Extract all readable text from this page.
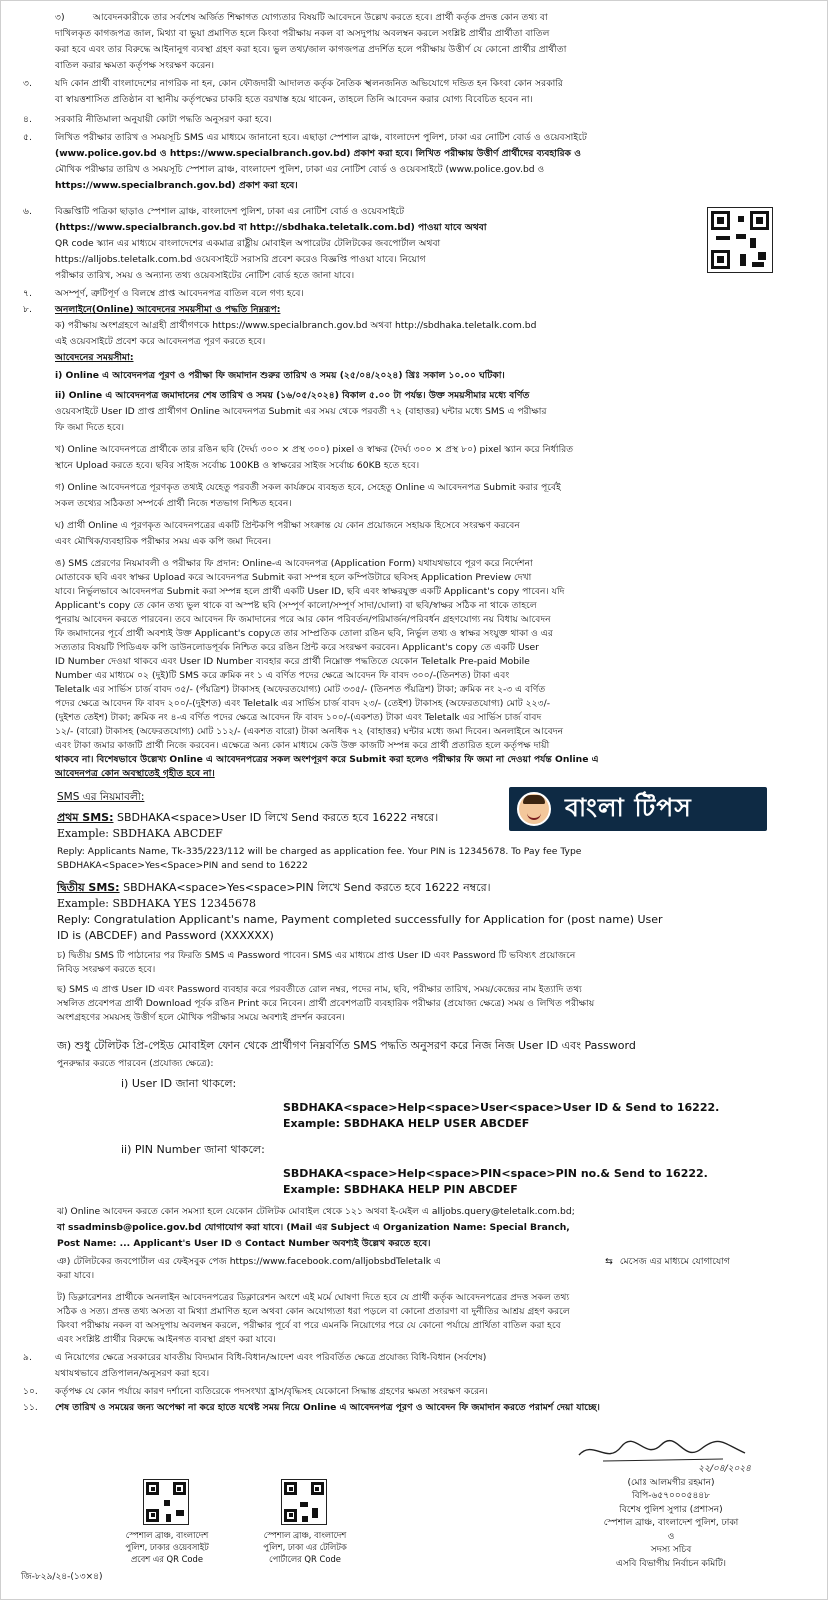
৩)	আবেদনকারীকে তার সর্বশেষ অর্জিত শিক্ষাগত যোগ্যতার বিষয়টি আবেদনে উল্লেখ করতে হবে। প্রার্থী কর্তৃক প্রদত্ত কোন তথ্য বা
দাখিলকৃত কাগজপত্র জাল, মিথ্যা বা ভুয়া প্রমাণিত হলে কিংবা পরীক্ষায় নকল বা অসদুপায় অবলম্বন করলে সংশ্লিষ্ট প্রার্থীর প্রার্থীতা বাতিল
করা হবে এবং তার বিরুদ্ধে আইনানুগ ব্যবস্থা গ্রহণ করা হবে। ভুল তথ্য/জাল কাগজপত্র প্রদর্শিত হলে পরীক্ষায় উত্তীর্ণ যে কোনো প্রার্থীর প্রার্থীতা
বাতিল করার ক্ষমতা কর্তৃপক্ষ সংরক্ষণ করেন।
৩.	যদি কোন প্রার্থী বাংলাদেশের নাগরিক না হন, কোন ফৌজদারী আদালত কর্তৃক নৈতিক স্খলনজনিত অভিযোগে দন্ডিত হন কিংবা কোন সরকারি
বা স্বায়ত্তশাসিত প্রতিষ্ঠান বা স্থানীয় কর্তৃপক্ষের চাকরি হতে বরখাস্ত হয়ে থাকেন, তাহলে তিনি আবেদন করার যোগ্য বিবেচিত হবেন না।
৪.	সরকারি নীতিমালা অনুযায়ী কোটা পদ্ধতি অনুসরণ করা হবে।
৫.	লিখিত পরীক্ষার তারিখ ও সময়সূচি SMS এর মাধ্যমে জানানো হবে। এছাড়া স্পেশাল ব্রাঞ্চ, বাংলাদেশ পুলিশ, ঢাকা এর নোটিশ বোর্ড ও ওয়েবসাইটে
(www.police.gov.bd ও https://www.specialbranch.gov.bd) প্রকাশ করা হবে। লিখিত পরীক্ষায় উত্তীর্ণ প্রার্থীদের ব্যবহারিক ও
মৌখিক পরীক্ষার তারিখ ও সময়সূচি স্পেশাল ব্রাঞ্চ, বাংলাদেশ পুলিশ, ঢাকা এর নোটিশ বোর্ড ও ওয়েবসাইটে (www.police.gov.bd ও
https://www.specialbranch.gov.bd) প্রকাশ করা হবে।
৬.	বিজ্ঞপ্তিটি পত্রিকা ছাড়াও স্পেশাল ব্রাঞ্চ, বাংলাদেশ পুলিশ, ঢাকা এর নোটিশ বোর্ড ও ওয়েবসাইটে
(https://www.specialbranch.gov.bd বা http://sbdhaka.teletalk.com.bd) পাওয়া যাবে অথবা
QR code স্ক্যান এর মাধ্যমে বাংলাদেশের একমাত্র রাষ্ট্রীয় মোবাইল অপারেটর টেলিটকের জবপোর্টাল অথবা
https://alljobs.teletalk.com.bd ওয়েবসাইটে সরাসরি প্রবেশ করেও বিজ্ঞপ্তি পাওয়া যাবে। নিয়োগ
পরীক্ষার তারিখ, সময় ও অন্যান্য তথ্য ওয়েবসাইটের নোটিশ বোর্ড হতে জানা যাবে।
৭.	অসম্পূর্ণ, ত্রুটিপূর্ণ ও বিলম্বে প্রাপ্ত আবেদনপত্র বাতিল বলে গণ্য হবে।
৮.	অনলাইনে(Online) আবেদনের সময়সীমা ও পদ্ধতি নিম্নরূপ:
ক) পরীক্ষায় অংশগ্রহণে আগ্রহী প্রার্থীগণকে https://www.specialbranch.gov.bd অথবা http://sbdhaka.teletalk.com.bd
এই ওয়েবসাইটে প্রবেশ করে আবেদনপত্র পূরণ করতে হবে।
আবেদনের সময়সীমা:
i) Online এ আবেদনপত্র পূরণ ও পরীক্ষা ফি জমাদান শুরুর তারিখ ও সময় (২৫/০৪/২০২৪) খ্রিঃ সকাল ১০.০০ ঘটিকা।
ii) Online এ আবেদনপত্র জমাদানের শেষ তারিখ ও সময় (১৬/০৫/২০২৪) বিকাল ৫.০০ টা পর্যন্ত। উক্ত সময়সীমার মধ্যে বর্ণিত
ওয়েবসাইটে User ID প্রাপ্ত প্রার্থীগণ Online আবেদনপত্র Submit এর সময় থেকে পরবর্তী ৭২ (বাহাত্তর) ঘন্টার মধ্যে SMS এ পরীক্ষার
ফি জমা দিতে হবে।
খ) Online আবেদনপত্রে প্রার্থীকে তার রঙিন ছবি (দৈর্ঘ্য ৩০০ × প্রস্থ ৩০০) pixel ও স্বাক্ষর (দৈর্ঘ্য ৩০০ × প্রস্থ ৮০) pixel স্ক্যান করে নির্ধারিত
স্থানে Upload করতে হবে। ছবির সাইজ সর্বোচ্চ 100KB ও স্বাক্ষরের সাইজ সর্বোচ্চ 60KB হতে হবে।
গ) Online আবেদনপত্রে পূরণকৃত তথ্যই যেহেতু পরবর্তী সকল কার্যক্রমে ব্যবহৃত হবে, সেহেতু Online এ আবেদনপত্র Submit করার পূর্বেই
সকল তথ্যের সঠিকতা সম্পর্কে প্রার্থী নিজে শতভাগ নিশ্চিত হবেন।
ঘ) প্রার্থী Online এ পূরণকৃত আবেদনপত্রের একটি প্রিন্টকপি পরীক্ষা সংক্রান্ত যে কোন প্রয়োজনে সহায়ক হিসেবে সংরক্ষণ করবেন
এবং মৌখিক/ব্যবহারিক পরীক্ষার সময় এক কপি জমা দিবেন।
ঙ) SMS প্রেরণের নিয়মাবলী ও পরীক্ষার ফি প্রদান: Online-এ আবেদনপত্র (Application Form) যথাযথভাবে পূরণ করে নির্দেশনা
মোতাবেক ছবি এবং স্বাক্ষর Upload করে আবেদনপত্র Submit করা সম্পন্ন হলে কম্পিউটারে ছবিসহ Application Preview দেখা
যাবে। নির্ভুলভাবে আবেদনপত্র Submit করা সম্পন্ন হলে প্রার্থী একটি User ID, ছবি এবং স্বাক্ষরযুক্ত একটি Applicant's copy পাবেন। যদি
Applicant's copy তে কোন তথ্য ভুল থাকে বা অস্পষ্ট ছবি (সম্পূর্ণ কালো/সম্পূর্ণ সাদা/ঘোলা) বা ছবি/স্বাক্ষর সঠিক না থাকে তাহলে
পুনরায় আবেদন করতে পারবেন। তবে আবেদন ফি জমাদানের পরে আর কোন পরিবর্তন/পরিমার্জন/পরিবর্ধন গ্রহণযোগ্য নয় বিধায় আবেদন
ফি জমাদানের পূর্বে প্রার্থী অবশ্যই উক্ত Applicant's copyতে তার সাম্প্রতিক তোলা রঙিন ছবি, নির্ভুল তথ্য ও স্বাক্ষর সংযুক্ত থাকা ও এর
সত্যতার বিষয়টি পিডিএফ কপি ডাউনলোডপূর্বক নিশ্চিত করে রঙিন প্রিন্ট করে সংরক্ষণ করবেন। Applicant's copy তে একটি User
ID Number দেওয়া থাকবে এবং User ID Number ব্যবহার করে প্রার্থী নিম্নোক্ত পদ্ধতিতে যেকোন Teletalk Pre-paid Mobile
Number এর মাধ্যমে ০২ (দুই)টি SMS করে ক্রমিক নং ১ এ বর্ণিত পদের ক্ষেত্রে আবেদন ফি বাবদ ৩০০/-(তিনশত) টাকা এবং
Teletalk এর সার্ভিস চার্জ বাবদ ৩৫/- (পঁয়ত্রিশ) টাকাসহ (অফেরতযোগ্য) মোট ৩৩৫/- (তিনশত পঁয়ত্রিশ) টাকা; ক্রমিক নং ২-৩ এ বর্ণিত
পদের ক্ষেত্রে আবেদন ফি বাবদ ২০০/-(দুইশত) এবং Teletalk এর সার্ভিস চার্জ বাবদ ২৩/- (তেইশ) টাকাসহ (অফেরতযোগ্য) মোট ২২৩/-
(দুইশত তেইশ) টাকা; ক্রমিক নং ৪-এ বর্ণিত পদের ক্ষেত্রে আবেদন ফি বাবদ ১০০/-(একশত) টাকা এবং Teletalk এর সার্ভিস চার্জ বাবদ
১২/- (বারো) টাকাসহ (অফেরতযোগ্য) মোট ১১২/- (একশত বারো) টাকা অনধিক ৭২ (বাহাত্তর) ঘন্টার মধ্যে জমা দিবেন। অনলাইনে আবেদন
এবং টাকা জমার কাজটি প্রার্থী নিজে করবেন। এক্ষেত্রে অন্য কোন মাধ্যমে কেউ উক্ত কাজটি সম্পন্ন করে প্রার্থী প্রতারিত হলে কর্তৃপক্ষ দায়ী
থাকবে না। বিশেষভাবে উল্লেখ্য Online এ আবেদনপত্রের সকল অংশপূরণ করে Submit করা হলেও পরীক্ষার ফি জমা না দেওয়া পর্যন্ত Online এ
আবেদনপত্র কোন অবস্থাতেই গৃহীত হবে না।
SMS এর নিয়মাবলী:
প্রথম SMS: SBDHAKA<space>User ID লিখে Send করতে হবে 16222 নম্বরে।
Example: SBDHAKA ABCDEF
Reply: Applicants Name, Tk-335/223/112 will be charged as application fee. Your PIN is 12345678. To Pay fee Type
SBDHAKA<Space>Yes<Space>PIN and send to 16222
দ্বিতীয় SMS: SBDHAKA<space>Yes<space>PIN লিখে Send করতে হবে 16222 নম্বরে।
Example: SBDHAKA YES 12345678
Reply: Congratulation Applicant's name, Payment completed successfully for Application for (post name) User
ID is (ABCDEF) and Password (XXXXXX)
চ) দ্বিতীয় SMS টি পাঠানোর পর ফিরতি SMS এ Password পাবেন। SMS এর মাধ্যমে প্রাপ্ত User ID এবং Password টি ভবিষ্যৎ প্রয়োজনে
নিবিড় সংরক্ষণ করতে হবে।
ছ) SMS এ প্রাপ্ত User ID এবং Password ব্যবহার করে পরবর্তীতে রোল নম্বর, পদের নাম, ছবি, পরীক্ষার তারিখ, সময়/কেন্দ্রের নাম ইত্যাদি তথ্য
সম্বলিত প্রবেশপত্র প্রার্থী Download পূর্বক রঙিন Print করে নিবেন। প্রার্থী প্রবেশপত্রটি ব্যবহারিক পরীক্ষার (প্রযোজ্য ক্ষেত্রে) সময় ও লিখিত পরীক্ষায়
অংশগ্রহণের সময়সহ উত্তীর্ণ হলে মৌখিক পরীক্ষার সময়ে অবশ্যই প্রদর্শন করবেন।
জ) শুধু টেলিটক প্রি-পেইড মোবাইল ফোন থেকে প্রার্থীগণ নিম্নবর্ণিত SMS পদ্ধতি অনুসরণ করে নিজ নিজ User ID এবং Password
পুনরুদ্ধার করতে পারবেন (প্রযোজ্য ক্ষেত্রে):
i) User ID জানা থাকলে:
SBDHAKA<space>Help<space>User<space>User ID & Send to 16222.
Example: SBDHAKA HELP USER ABCDEF
ii) PIN Number জানা থাকলে:
SBDHAKA<space>Help<space>PIN<space>PIN no.& Send to 16222.
Example: SBDHAKA HELP PIN ABCDEF
ঝ) Online আবেদন করতে কোন সমস্যা হলে যেকোন টেলিটক মোবাইল থেকে ১২১ অথবা ই-মেইল এ alljobs.query@teletalk.com.bd;
বা ssadminsb@police.gov.bd যোগাযোগ করা যাবে। (Mail এর Subject এ Organization Name: Special Branch,
Post Name: ... Applicant's User ID ও Contact Number অবশ্যই উল্লেখ করতে হবে।
ঞ) টেলিটকের জবপোর্টাল এর ফেইসবুক পেজ https://www.facebook.com/alljobsbdTeletalk এ	⇆ মেসেজ এর মাধ্যমে যোগাযোগ
করা যাবে।
ট) ডিক্লারেশনঃ প্রার্থীকে অনলাইন আবেদনপত্রের ডিক্লারেশন অংশে এই মর্মে ঘোষণা দিতে হবে যে প্রার্থী কর্তৃক আবেদনপত্রের প্রদত্ত সকল তথ্য
সঠিক ও সত্য। প্রদত্ত তথ্য অসত্য বা মিথ্যা প্রমাণিত হলে অথবা কোন অযোগ্যতা ধরা পড়লে বা কোনো প্রতারণা বা দুর্নীতির আশ্রয় গ্রহণ করলে
কিংবা পরীক্ষায় নকল বা অসদুপায় অবলম্বন করলে, পরীক্ষার পূর্বে বা পরে এমনকি নিয়োগের পরে যে কোনো পর্যায়ে প্রার্থিতা বাতিল করা হবে
এবং সংশ্লিষ্ট প্রার্থীর বিরুদ্ধে আইনগত ব্যবস্থা গ্রহণ করা যাবে।
বাংলা টিপস
৯.	এ নিয়োগের ক্ষেত্রে সরকারের যাবতীয় বিদ্যমান বিধি-বিধান/আদেশ এবং পরিবর্তিত ক্ষেত্রে প্রযোজ্য বিধি-বিধান (সর্বশেষ)
যথাযথভাবে প্রতিপালন/অনুসরণ করা হবে।
১০.	কর্তৃপক্ষ যে কোন পর্যায়ে কারণ দর্শানো ব্যতিরেকে পদসংখ্যা হ্রাস/বৃদ্ধিসহ যেকোনো সিদ্ধান্ত গ্রহণের ক্ষমতা সংরক্ষণ করেন।
১১.	শেষ তারিখ ও সময়ের জন্য অপেক্ষা না করে হাতে যথেষ্ট সময় নিয়ে Online এ আবেদনপত্র পূরণ ও আবেদন ফি জমাদান করতে পরামর্শ দেয়া যাচ্ছে।
২২/০৪/২০২৪
(মোঃ আলমগীর রহমান)
বিপি-৬৫৭০০০৫৪৪৮
বিশেষ পুলিশ সুপার (প্রশাসন)
স্পেশাল ব্রাঞ্চ, বাংলাদেশ পুলিশ, ঢাকা
ও
সদস্য সচিব
এসবি বিভাগীয় নির্বাচন কমিটি।
স্পেশাল ব্রাঞ্চ, বাংলাদেশ
পুলিশ, ঢাকার ওয়েবসাইট
প্রবেশ এর QR Code
স্পেশাল ব্রাঞ্চ, বাংলাদেশ
পুলিশ, ঢাকা এর টেলিটক
পোর্টালের QR Code
জি-৮২৯/২৪-(১৩×৪)
